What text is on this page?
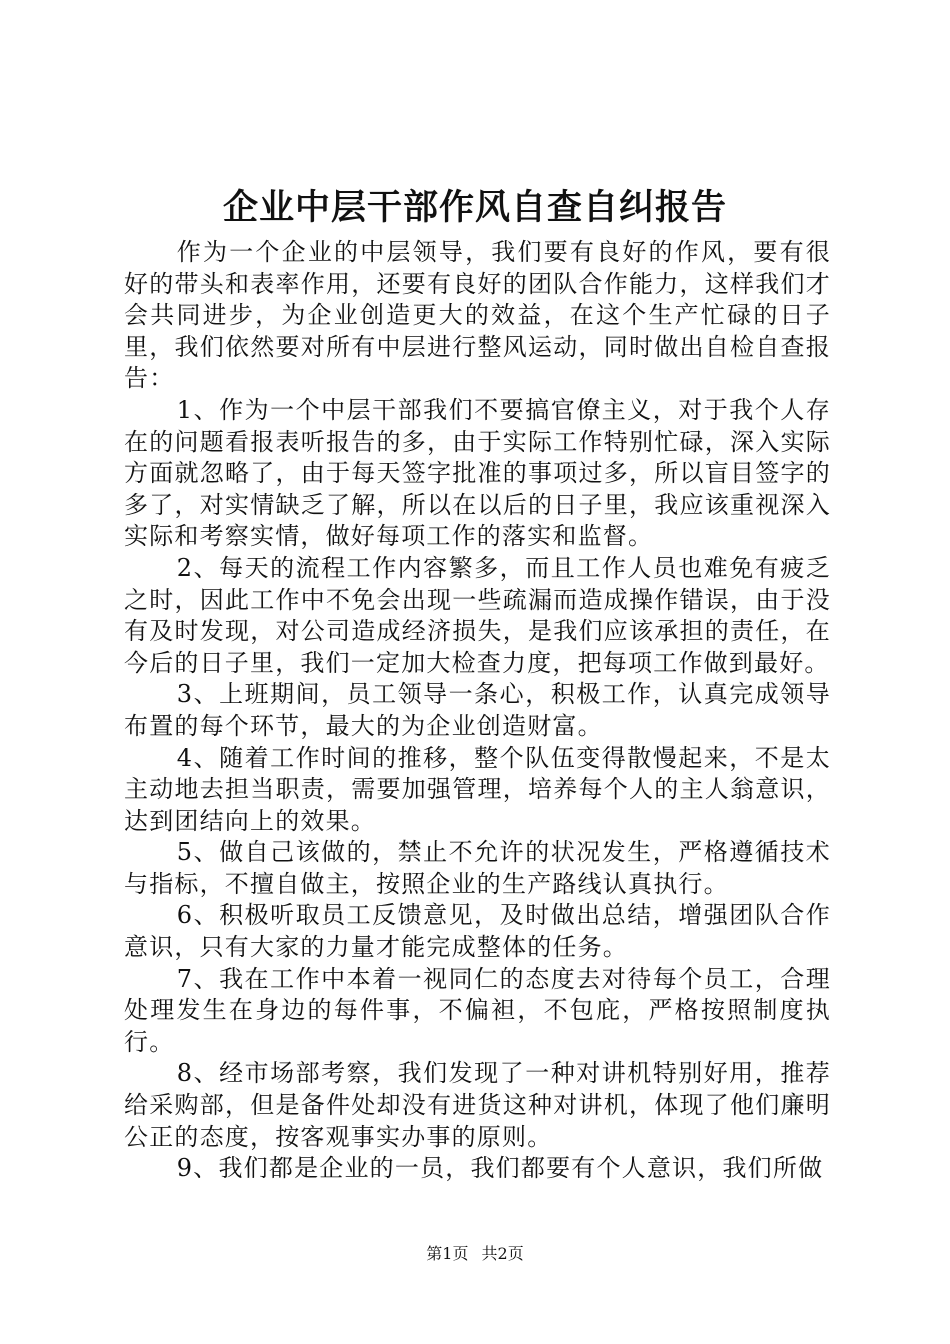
企业中层干部作风自查自纠报告

作为一个企业的中层领导，我们要有良好的作风，要有很好的带头和表率作用，还要有良好的团队合作能力，这样我们才会共同进步，为企业创造更大的效益，在这个生产忙碌的日子里，我们依然要对所有中层进行整风运动，同时做出自检自查报告：

1、作为一个中层干部我们不要搞官僚主义，对于我个人存在的问题看报表听报告的多，由于实际工作特别忙碌，深入实际方面就忽略了，由于每天签字批准的事项过多，所以盲目签字的多了，对实情缺乏了解，所以在以后的日子里，我应该重视深入实际和考察实情，做好每项工作的落实和监督。

2、每天的流程工作内容繁多，而且工作人员也难免有疲乏之时，因此工作中不免会出现一些疏漏而造成操作错误，由于没有及时发现，对公司造成经济损失，是我们应该承担的责任，在今后的日子里，我们一定加大检查力度，把每项工作做到最好。

3、上班期间，员工领导一条心，积极工作，认真完成领导布置的每个环节，最大的为企业创造财富。

4、随着工作时间的推移，整个队伍变得散慢起来，不是太主动地去担当职责，需要加强管理，培养每个人的主人翁意识，达到团结向上的效果。

5、做自己该做的，禁止不允许的状况发生，严格遵循技术与指标，不擅自做主，按照企业的生产路线认真执行。

6、积极听取员工反馈意见，及时做出总结，增强团队合作意识，只有大家的力量才能完成整体的任务。

7、我在工作中本着一视同仁的态度去对待每个员工，合理处理发生在身边的每件事，不偏袒，不包庇，严格按照制度执行。

8、经市场部考察，我们发现了一种对讲机特别好用，推荐给采购部，但是备件处却没有进货这种对讲机，体现了他们廉明公正的态度，按客观事实办事的原则。

9、我们都是企业的一员，我们都要有个人意识，我们所做

第1页 共2页
